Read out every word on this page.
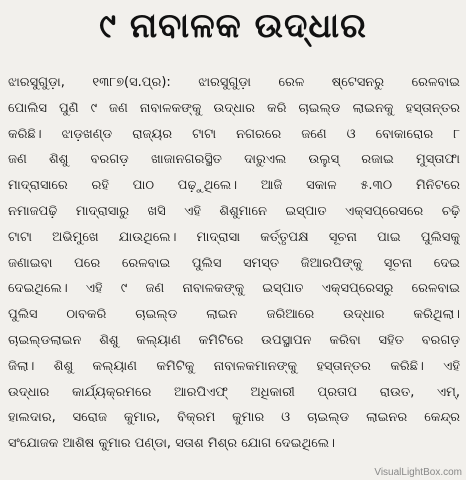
୯ ନାବାଳକ ଉଦ୍ଧାର
ଝାରସୁଗୁଡ଼ା, ୧୩୮୭(ସ.ପ୍ର): ଝାରସୁଗୁଡ଼ା ରେଳ ଷ୍ଟେସନରୁ ରେଳବାଇ
ପୋଲିସ ପୁଣି ୯ ଜଣ ନାବାଳକଙ୍କୁ ଉଦ୍ଧାର କରି ଚାଇଲ୍ଡ ଲାଇନକୁ ହସ୍ତାନ୍ତର
କରିଛି। ଝାଡ଼ଖଣ୍ଡ ରାଜ୍ୟର ଟାଟା ନଗରରେ ଜଣେ ଓ ବୋକାରୋର ୮
ଜଣ ଶିଶୁ ବରଗଡ଼ ଖାଜାନଗରସ୍ଥିତ ଦାରୁଏଲ ଉଲୁସ୍ ରଜାଇ ମୁସ୍ତାଫା
ମାଦ୍ରାସାରେ ରହି ପାଠ ପଢ଼ୁଥିଲେ। ଆଜି ସକାଳ ୫.୩୦ ମିନିଟରେ
ନମାଜପଢ଼ି ମାଦ୍ରାସାରୁ ଖସି ଏହି ଶିଶୁମାନେ ଇସ୍ପାତ ଏକ୍ସପ୍ରେସରେ ଚଢ଼ି
ଟାଟା ଅଭିମୁଖେ ଯାଉଥିଲେ। ମାଦ୍ରାସା କର୍ତ୍ତୃପକ୍ଷ ସୂଚନା ପାଇ ପୁଲିସକୁ
ଜଣାଇବା ପରେ ରେଳବାଇ ପୁଲିସ ସମସ୍ତ ଜିଆରପିଙ୍କୁ ସୂଚନା ଦେଇ
ଦେଇଥିଲେ। ଏହି ୯ ଜଣ ନାବାଳକଙ୍କୁ ଇସ୍ପାତ ଏକ୍ସପ୍ରେସରୁ ରେଳବାଇ
ପୁଲିସ ଠାବକରି ଚାଇଲ୍ଡ ଲାଇନ ଜରିଆରେ ଉଦ୍ଧାର କରିଥିଲା।
ଚାଇଲ୍ଡଲାଇନ ଶିଶୁ କଲ୍ୟାଣ କମିଟିରେ ଉପସ୍ଥାପନ କରିବା ସହିତ ବରଗଡ଼
ଜିଲା। ଶିଶୁ କଲ୍ୟାଣ କମିଟିକୁ ନାବାଳକମାନଙ୍କୁ ହସ୍ତାନ୍ତର କରିଛି। ଏହି
ଉଦ୍ଧାର କାର୍ଯ୍ୟକ୍ରମରେ ଆରପିଏଫ୍ ଅଧିକାରୀ ପ୍ରତାପ ରାଉତ, ଏମ୍,
ହାଲଦାର, ସରୋଜ କୁମାର, ବିକ୍ରମ କୁମାର ଓ ଚାଇଲ୍ଡ ଲାଇନର କେନ୍ଦ୍ର
ସଂଯୋଜକ ଆଶିଷ କୁମାର ପଣ୍ଡା, ସତାଶ ମିଶ୍ର ଯୋଗ ଦେଇଥିଲେ।
VisualLightBox.com
